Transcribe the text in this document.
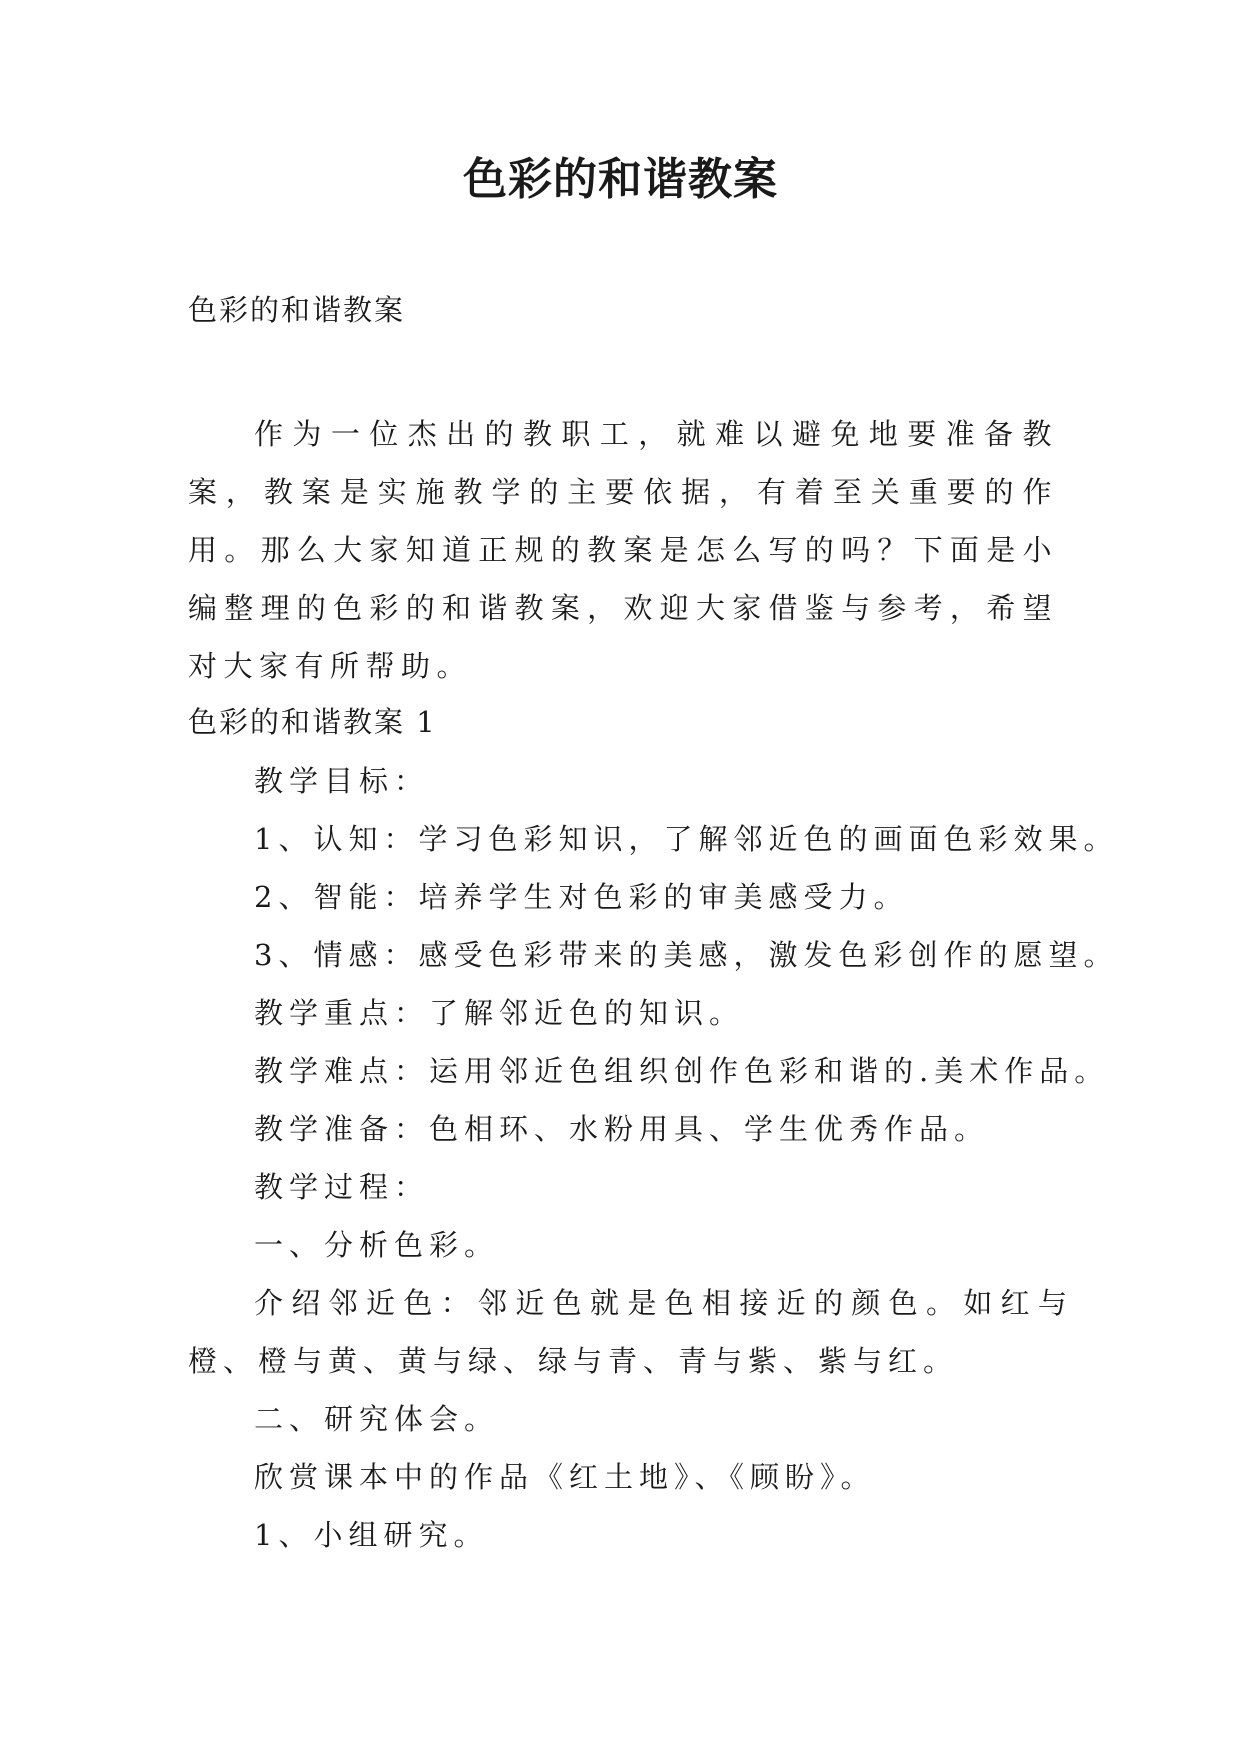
色彩的和谐教案
色彩的和谐教案

作为一位杰出的教职工，就难以避免地要准备教案，教案是实施教学的主要依据，有着至关重要的作用。那么大家知道正规的教案是怎么写的吗？下面是小编整理的色彩的和谐教案，欢迎大家借鉴与参考，希望对大家有所帮助。

色彩的和谐教案 1

教学目标：

1、认知：学习色彩知识，了解邻近色的画面色彩效果。

2、智能：培养学生对色彩的审美感受力。

3、情感：感受色彩带来的美感，激发色彩创作的愿望。

教学重点：了解邻近色的知识。

教学难点：运用邻近色组织创作色彩和谐的.美术作品。

教学准备：色相环、水粉用具、学生优秀作品。

教学过程：

一、分析色彩。

介绍邻近色：邻近色就是色相接近的颜色。如红与橙、橙与黄、黄与绿、绿与青、青与紫、紫与红。

二、研究体会。

欣赏课本中的作品《红土地》、《顾盼》。

1、小组研究。
